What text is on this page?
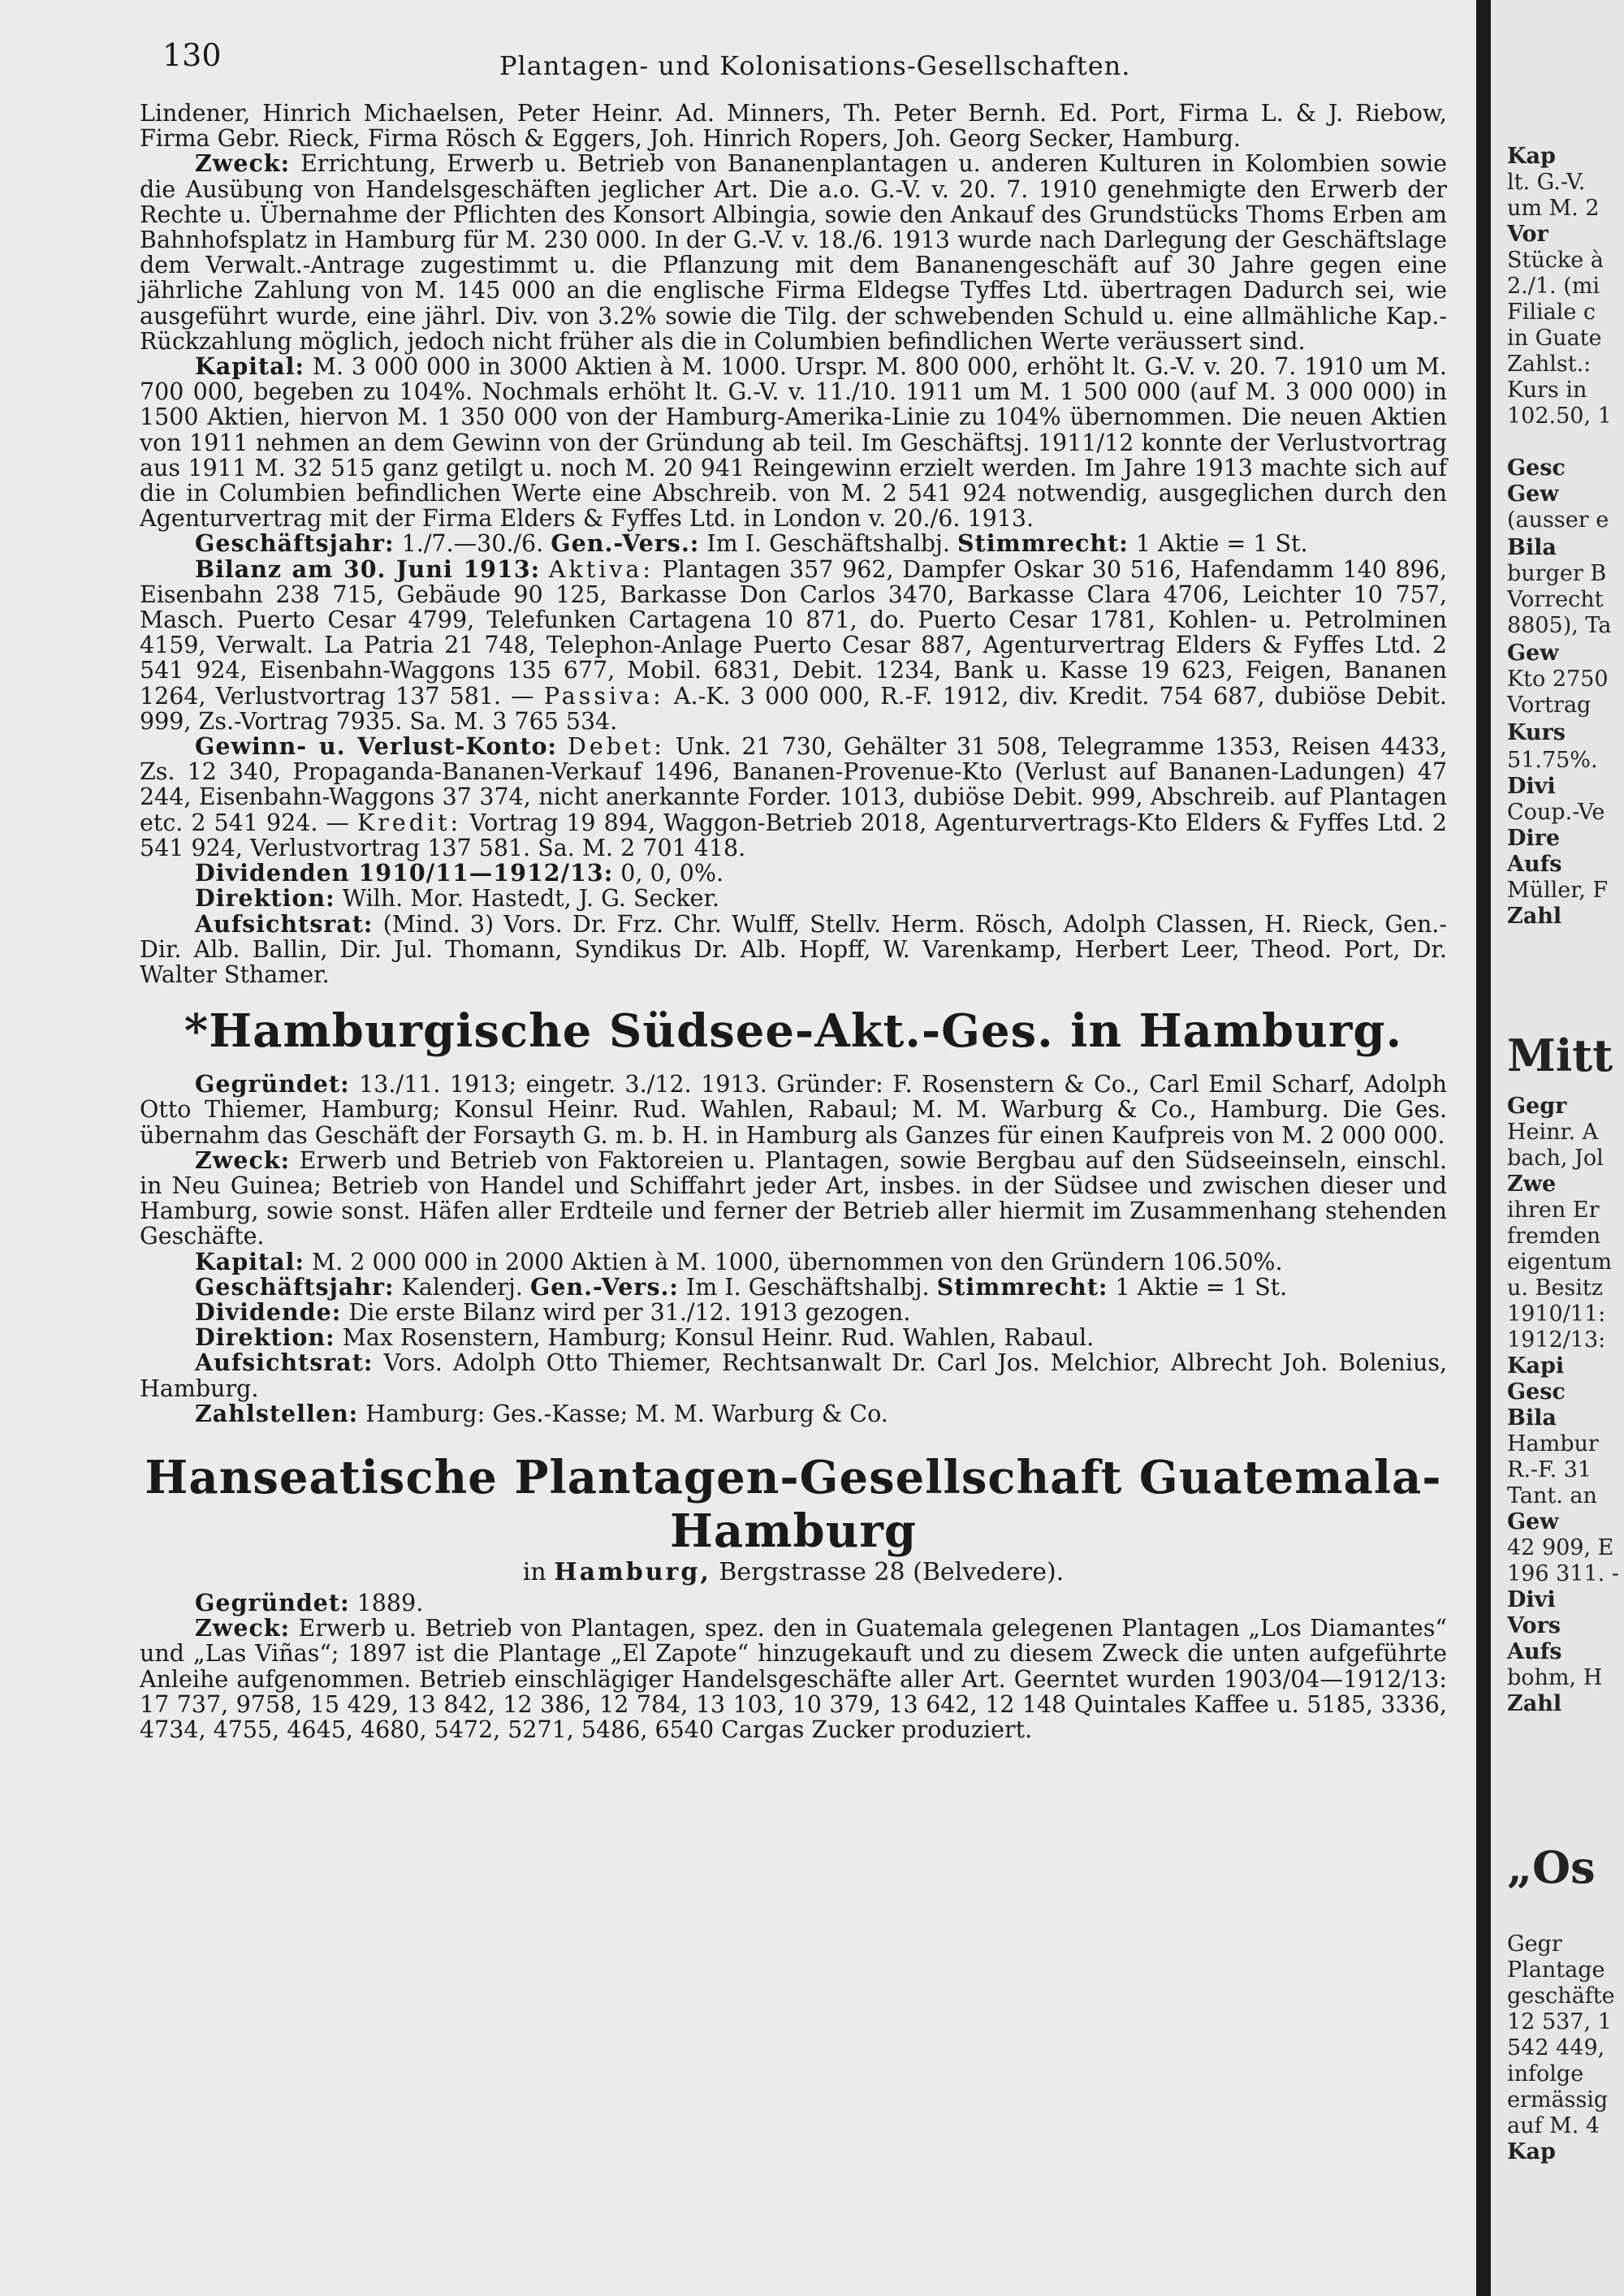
130	Plantagen- und Kolonisations-Gesellschaften.

Lindener, Hinrich Michaelsen, Peter Heinr. Ad. Minners, Th. Peter Bernh. Ed. Port, Firma L. & J. Riebow, Firma Gebr. Rieck, Firma Rösch & Eggers, Joh. Hinrich Ropers, Joh. Georg Secker, Hamburg.

Zweck: Errichtung, Erwerb u. Betrieb von Bananenplantagen u. anderen Kulturen in Kolombien sowie die Ausübung von Handelsgeschäften jeglicher Art. Die a.o. G.-V. v. 20. 7. 1910 genehmigte den Erwerb der Rechte u. Übernahme der Pflichten des Konsort Albingia, sowie den Ankauf des Grundstücks Thoms Erben am Bahnhofsplatz in Hamburg für M. 230 000. In der G.-V. v. 18./6. 1913 wurde nach Darlegung der Geschäftslage dem Verwalt.-Antrage zugestimmt u. die Pflanzung mit dem Bananengeschäft auf 30 Jahre gegen eine jährliche Zahlung von M. 145 000 an die englische Firma Eldegse Tyffes Ltd. übertragen Dadurch sei, wie ausgeführt wurde, eine jährl. Div. von 3.2% sowie die Tilg. der schwebenden Schuld u. eine allmähliche Kap.-Rückzahlung möglich, jedoch nicht früher als die in Columbien befindlichen Werte veräussert sind.

Kapital: M. 3 000 000 in 3000 Aktien à M. 1000. Urspr. M. 800 000, erhöht lt. G.-V. v. 20. 7. 1910 um M. 700 000, begeben zu 104%. Nochmals erhöht lt. G.-V. v. 11./10. 1911 um M. 1 500 000 (auf M. 3 000 000) in 1500 Aktien, hiervon M. 1 350 000 von der Hamburg-Amerika-Linie zu 104% übernommen. Die neuen Aktien von 1911 nehmen an dem Gewinn von der Gründung ab teil. Im Geschäftsj. 1911/12 konnte der Verlustvortrag aus 1911 M. 32 515 ganz getilgt u. noch M. 20 941 Reingewinn erzielt werden. Im Jahre 1913 machte sich auf die in Columbien befindlichen Werte eine Abschreib. von M. 2 541 924 notwendig, ausgeglichen durch den Agenturvertrag mit der Firma Elders & Fyffes Ltd. in London v. 20./6. 1913.

Geschäftsjahr: 1./7.—30./6. Gen.-Vers.: Im I. Geschäftshalbj. Stimmrecht: 1 Aktie = 1 St.

Bilanz am 30. Juni 1913: Aktiva: Plantagen 357 962, Dampfer Oskar 30 516, Hafendamm 140 896, Eisenbahn 238 715, Gebäude 90 125, Barkasse Don Carlos 3470, Barkasse Clara 4706, Leichter 10 757, Masch. Puerto Cesar 4799, Telefunken Cartagena 10 871, do. Puerto Cesar 1781, Kohlen- u. Petrolminen 4159, Verwalt. La Patria 21 748, Telephon-Anlage Puerto Cesar 887, Agenturvertrag Elders & Fyffes Ltd. 2 541 924, Eisenbahn-Waggons 135 677, Mobil. 6831, Debit. 1234, Bank u. Kasse 19 623, Feigen, Bananen 1264, Verlustvortrag 137 581. — Passiva: A.-K. 3 000 000, R.-F. 1912, div. Kredit. 754 687, dubiöse Debit. 999, Zs.-Vortrag 7935. Sa. M. 3 765 534.

Gewinn- u. Verlust-Konto: Debet: Unk. 21 730, Gehälter 31 508, Telegramme 1353, Reisen 4433, Zs. 12 340, Propaganda-Bananen-Verkauf 1496, Bananen-Provenue-Kto (Verlust auf Bananen-Ladungen) 47 244, Eisenbahn-Waggons 37 374, nicht anerkannte Forder. 1013, dubiöse Debit. 999, Abschreib. auf Plantagen etc. 2 541 924. — Kredit: Vortrag 19 894, Waggon-Betrieb 2018, Agenturvertrags-Kto Elders & Fyffes Ltd. 2 541 924, Verlustvortrag 137 581. Sa. M. 2 701 418.

Dividenden 1910/11—1912/13: 0, 0, 0%.

Direktion: Wilh. Mor. Hastedt, J. G. Secker.

Aufsichtsrat: (Mind. 3) Vors. Dr. Frz. Chr. Wulff, Stellv. Herm. Rösch, Adolph Classen, H. Rieck, Gen.-Dir. Alb. Ballin, Dir. Jul. Thomann, Syndikus Dr. Alb. Hopff, W. Varenkamp, Herbert Leer, Theod. Port, Dr. Walter Sthamer.

*Hamburgische Südsee-Akt.-Ges. in Hamburg.

Gegründet: 13./11. 1913; eingetr. 3./12. 1913. Gründer: F. Rosenstern & Co., Carl Emil Scharf, Adolph Otto Thiemer, Hamburg; Konsul Heinr. Rud. Wahlen, Rabaul; M. M. Warburg & Co., Hamburg. Die Ges. übernahm das Geschäft der Forsayth G. m. b. H. in Hamburg als Ganzes für einen Kaufpreis von M. 2 000 000.

Zweck: Erwerb und Betrieb von Faktoreien u. Plantagen, sowie Bergbau auf den Südseeinseln, einschl. in Neu Guinea; Betrieb von Handel und Schiffahrt jeder Art, insbes. in der Südsee und zwischen dieser und Hamburg, sowie sonst. Häfen aller Erdteile und ferner der Betrieb aller hiermit im Zusammenhang stehenden Geschäfte.

Kapital: M. 2 000 000 in 2000 Aktien à M. 1000, übernommen von den Gründern 106.50%.

Geschäftsjahr: Kalenderj. Gen.-Vers.: Im I. Geschäftshalbj. Stimmrecht: 1 Aktie = 1 St.

Dividende: Die erste Bilanz wird per 31./12. 1913 gezogen.

Direktion: Max Rosenstern, Hamburg; Konsul Heinr. Rud. Wahlen, Rabaul.

Aufsichtsrat: Vors. Adolph Otto Thiemer, Rechtsanwalt Dr. Carl Jos. Melchior, Albrecht Joh. Bolenius, Hamburg.

Zahlstellen: Hamburg: Ges.-Kasse; M. M. Warburg & Co.

Hanseatische Plantagen-Gesellschaft Guatemala-Hamburg
in Hamburg, Bergstrasse 28 (Belvedere).

Gegründet: 1889.

Zweck: Erwerb u. Betrieb von Plantagen, spez. den in Guatemala gelegenen Plantagen „Los Diamantes“ und „Las Viñas“; 1897 ist die Plantage „El Zapote“ hinzugekauft und zu diesem Zweck die unten aufgeführte Anleihe aufgenommen. Betrieb einschlägiger Handelsgeschäfte aller Art. Geerntet wurden 1903/04—1912/13: 17 737, 9758, 15 429, 13 842, 12 386, 12 784, 13 103, 10 379, 13 642, 12 148 Quintales Kaffee u. 5185, 3336, 4734, 4755, 4645, 4680, 5472, 5271, 5486, 6540 Cargas Zucker produziert.

Kap
lt. G.-V.
um M. 2
Vor
Stücke à
2./1. (mi
Filiale c
in Guate
Zahlst.:
Kurs in
102.50, 1
Gesc
Gew
(ausser e
Bila
burger B
Vorrecht
8805), Ta
Gew
Kto 2750
Vortrag
Kurs
51.75%.
Divi
Coup.-Ve
Dire
Aufs
Müller, F
Zahl
Mitt
Gegr
Heinr. A
bach, Jol
Zwe
ihren Er
fremden
eigentum
u. Besitz
1910/11:
1912/13:
Kapi
Gesc
Bila
Hambur
R.-F. 31
Tant. an
Gew
42 909, E
196 311. -
Divi
Vors
Aufs
bohm, H
Zahl
„Os
Gegr
Plantage
geschäfte
12 537, 1
542 449,
infolge
ermässig
auf M. 4
Kap
